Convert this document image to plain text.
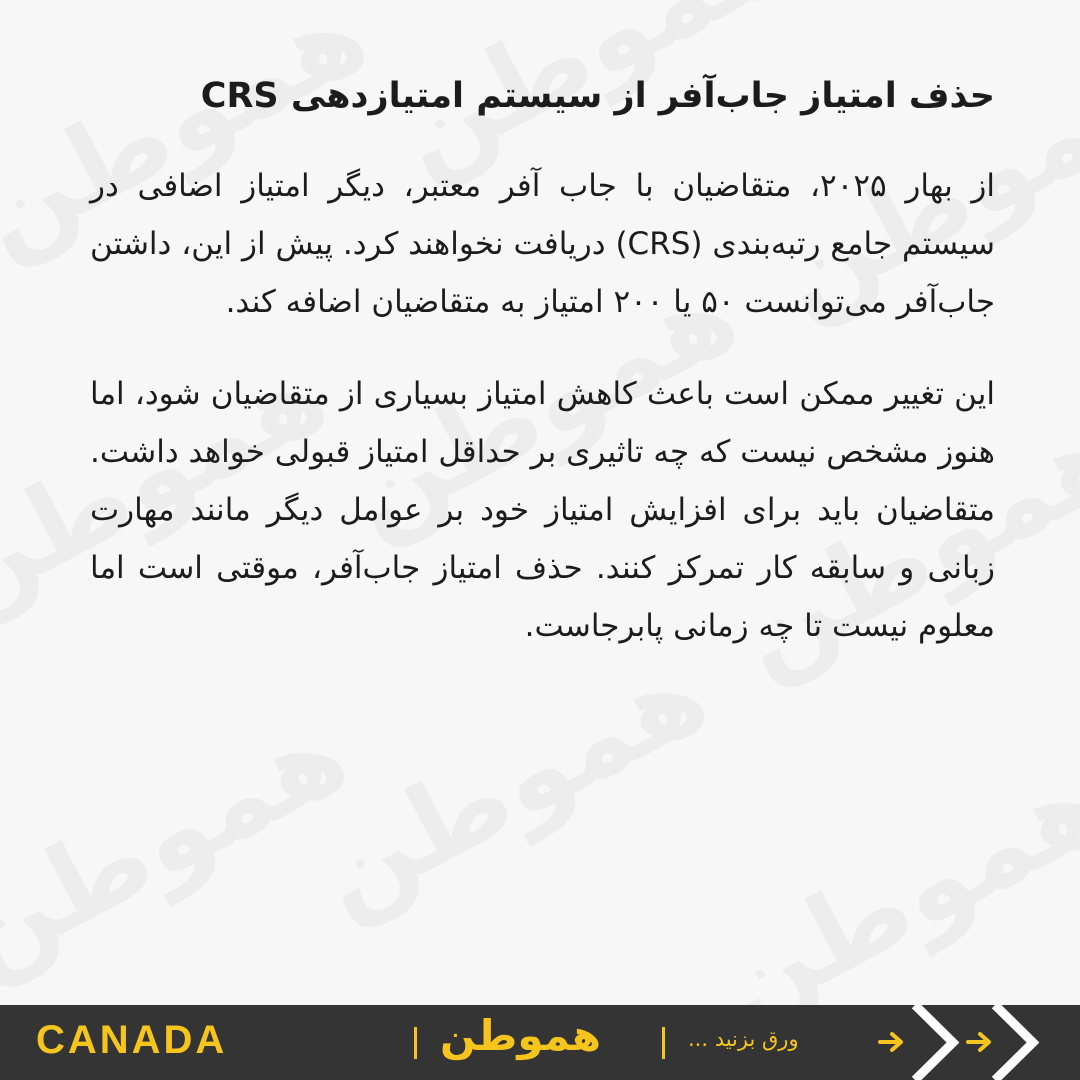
حذف امتیاز جاب‌آفر از سیستم امتیازدهی CRS

از بهار ۲۰۲۵، متقاضیان با جاب آفر معتبر، دیگر امتیاز اضافی در سیستم جامع رتبه‌بندی (CRS) دریافت نخواهند کرد. پیش از این، داشتن جاب‌آفر می‌توانست ۵۰ یا ۲۰۰ امتیاز به متقاضیان اضافه کند.

این تغییر ممکن است باعث کاهش امتیاز بسیاری از متقاضیان شود، اما هنوز مشخص نیست که چه تاثیری بر حداقل امتیاز قبولی خواهد داشت. متقاضیان باید برای افزایش امتیاز خود بر عوامل دیگر مانند مهارت زبانی و سابقه کار تمرکز کنند. حذف امتیاز جاب‌آفر، موقتی است اما معلوم نیست تا چه زمانی پابرجاست.

CANADA	هموطن	ورق بزنید ...
